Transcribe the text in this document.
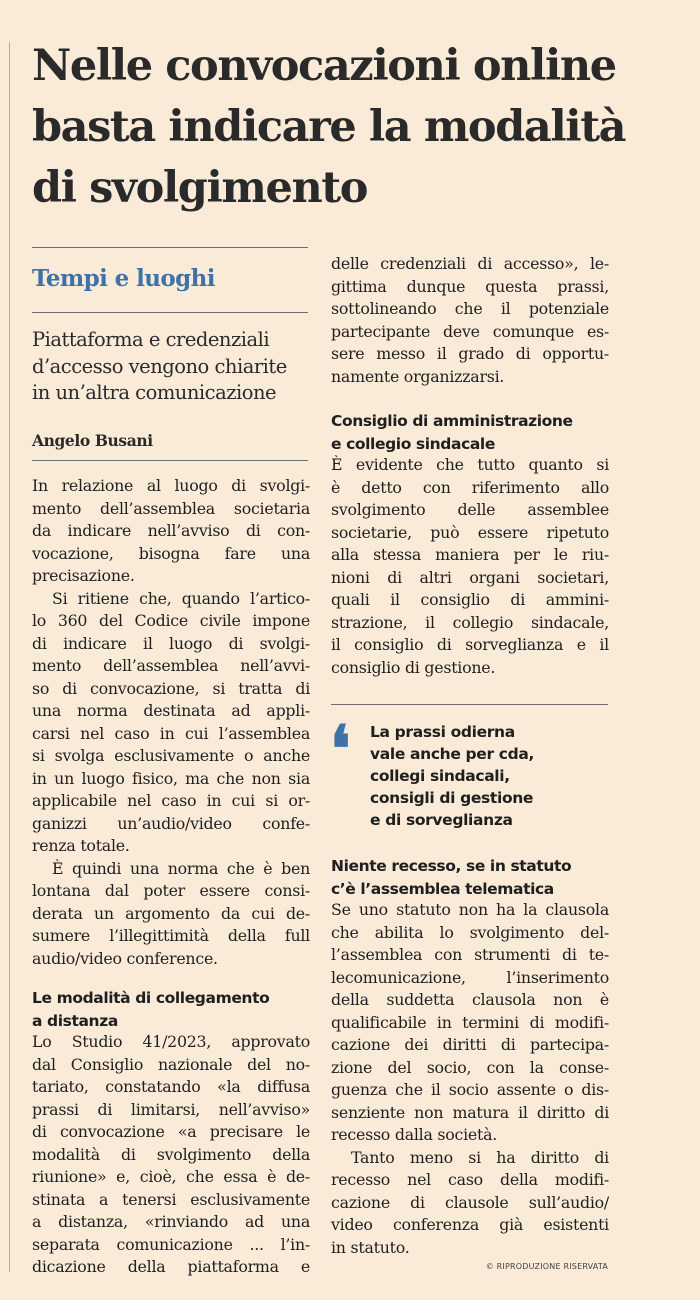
Nelle convocazioni online
basta indicare la modalità
di svolgimento
Tempi e luoghi
Piattaforma e credenziali
d’accesso vengono chiarite
in un’altra comunicazione
Angelo Busani
In relazione al luogo di svolgi-
mento dell’assemblea societaria
da indicare nell’avviso di con-
vocazione, bisogna fare una
precisazione.
Si ritiene che, quando l’artico-
lo 360 del Codice civile impone
di indicare il luogo di svolgi-
mento dell’assemblea nell’avvi-
so di convocazione, si tratta di
una norma destinata ad appli-
carsi nel caso in cui l’assemblea
si svolga esclusivamente o anche
in un luogo fisico, ma che non sia
applicabile nel caso in cui si or-
ganizzi un’audio/video confe-
renza totale.
È quindi una norma che è ben
lontana dal poter essere consi-
derata un argomento da cui de-
sumere l’illegittimità della full
audio/video conference.
Le modalità di collegamento
a distanza
Lo Studio 41/2023, approvato
dal Consiglio nazionale del no-
tariato, constatando «la diffusa
prassi di limitarsi, nell’avviso»
di convocazione «a precisare le
modalità di svolgimento della
riunione» e, cioè, che essa è de-
stinata a tenersi esclusivamente
a distanza, «rinviando ad una
separata comunicazione ... l’in-
dicazione della piattaforma e
delle credenziali di accesso», le-
gittima dunque questa prassi,
sottolineando che il potenziale
partecipante deve comunque es-
sere messo il grado di opportu-
namente organizzarsi.
Consiglio di amministrazione
e collegio sindacale
È evidente che tutto quanto si
è detto con riferimento allo
svolgimento delle assemblee
societarie, può essere ripetuto
alla stessa maniera per le riu-
nioni di altri organi societari,
quali il consiglio di ammini-
strazione, il collegio sindacale,
il consiglio di sorveglianza e il
consiglio di gestione.
❛ La prassi odierna
vale anche per cda,
collegi sindacali,
consigli di gestione
e di sorveglianza
Niente recesso, se in statuto
c’è l’assemblea telematica
Se uno statuto non ha la clausola
che abilita lo svolgimento del-
l’assemblea con strumenti di te-
lecomunicazione, l’inserimento
della suddetta clausola non è
qualificabile in termini di modifi-
cazione dei diritti di partecipa-
zione del socio, con la conse-
guenza che il socio assente o dis-
senziente non matura il diritto di
recesso dalla società.
Tanto meno si ha diritto di
recesso nel caso della modifi-
cazione di clausole sull’audio/
video conferenza già esistenti
in statuto.
© RIPRODUZIONE RISERVATA
